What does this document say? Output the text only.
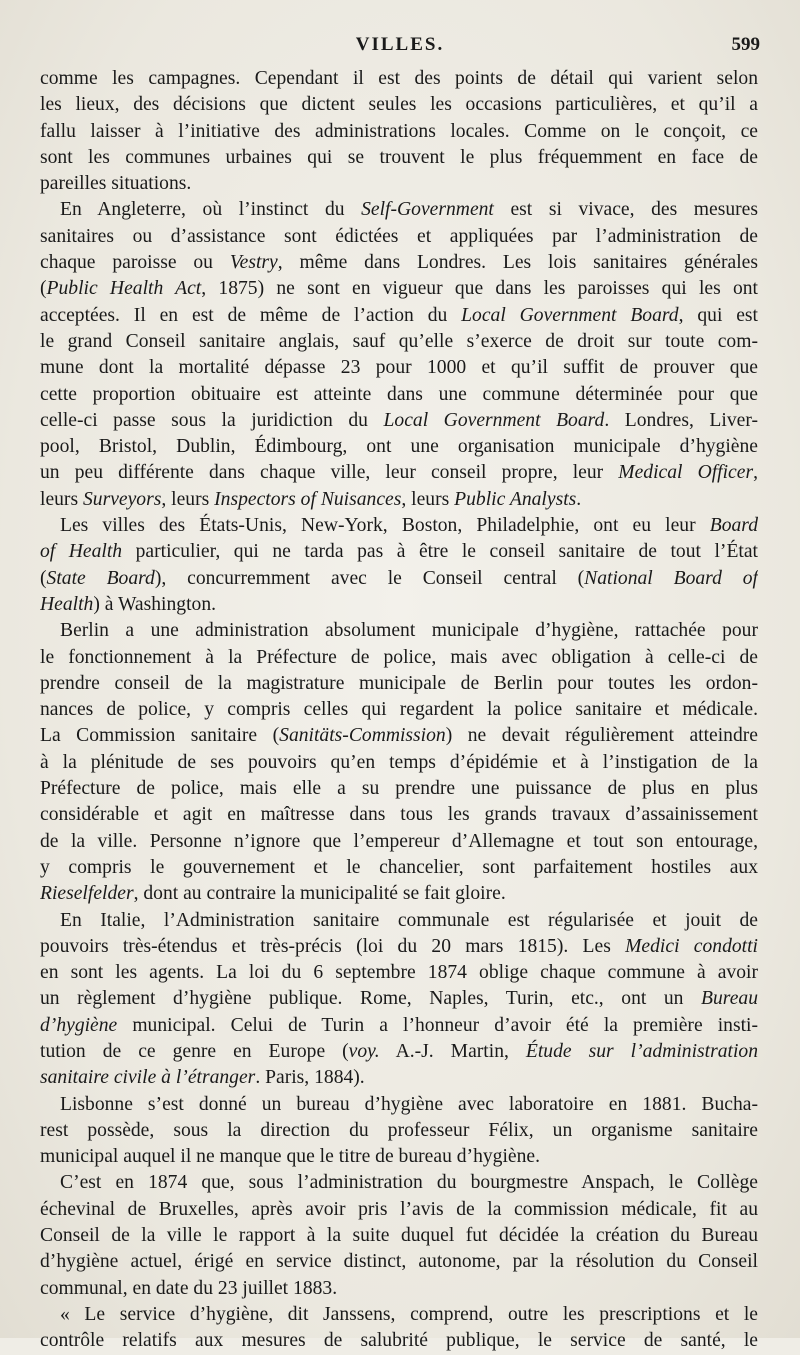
VILLES.	599
comme les campagnes. Cependant il est des points de détail qui varient selon
les lieux, des décisions que dictent seules les occasions particulières, et qu’il a
fallu laisser à l’initiative des administrations locales. Comme on le conçoit, ce
sont les communes urbaines qui se trouvent le plus fréquemment en face de
pareilles situations.
En Angleterre, où l’instinct du Self-Government est si vivace, des mesures
sanitaires ou d’assistance sont édictées et appliquées par l’administration de
chaque paroisse ou Vestry, même dans Londres. Les lois sanitaires générales
(Public Health Act, 1875) ne sont en vigueur que dans les paroisses qui les ont
acceptées. Il en est de même de l’action du Local Government Board, qui est
le grand Conseil sanitaire anglais, sauf qu’elle s’exerce de droit sur toute com-
mune dont la mortalité dépasse 23 pour 1000 et qu’il suffit de prouver que
cette proportion obituaire est atteinte dans une commune déterminée pour que
celle-ci passe sous la juridiction du Local Government Board. Londres, Liver-
pool, Bristol, Dublin, Édimbourg, ont une organisation municipale d’hygiène
un peu différente dans chaque ville, leur conseil propre, leur Medical Officer,
leurs Surveyors, leurs Inspectors of Nuisances, leurs Public Analysts.
Les villes des États-Unis, New-York, Boston, Philadelphie, ont eu leur Board
of Health particulier, qui ne tarda pas à être le conseil sanitaire de tout l’État
(State Board), concurremment avec le Conseil central (National Board of
Health) à Washington.
Berlin a une administration absolument municipale d’hygiène, rattachée pour
le fonctionnement à la Préfecture de police, mais avec obligation à celle-ci de
prendre conseil de la magistrature municipale de Berlin pour toutes les ordon-
nances de police, y compris celles qui regardent la police sanitaire et médicale.
La Commission sanitaire (Sanitäts-Commission) ne devait régulièrement atteindre
à la plénitude de ses pouvoirs qu’en temps d’épidémie et à l’instigation de la
Préfecture de police, mais elle a su prendre une puissance de plus en plus
considérable et agit en maîtresse dans tous les grands travaux d’assainissement
de la ville. Personne n’ignore que l’empereur d’Allemagne et tout son entourage,
y compris le gouvernement et le chancelier, sont parfaitement hostiles aux
Rieselfelder, dont au contraire la municipalité se fait gloire.
En Italie, l’Administration sanitaire communale est régularisée et jouit de
pouvoirs très-étendus et très-précis (loi du 20 mars 1815). Les Medici condotti
en sont les agents. La loi du 6 septembre 1874 oblige chaque commune à avoir
un règlement d’hygiène publique. Rome, Naples, Turin, etc., ont un Bureau
d’hygiène municipal. Celui de Turin a l’honneur d’avoir été la première insti-
tution de ce genre en Europe (voy. A.-J. Martin, Étude sur l’administration
sanitaire civile à l’étranger. Paris, 1884).
Lisbonne s’est donné un bureau d’hygiène avec laboratoire en 1881. Bucha-
rest possède, sous la direction du professeur Félix, un organisme sanitaire
municipal auquel il ne manque que le titre de bureau d’hygiène.
C’est en 1874 que, sous l’administration du bourgmestre Anspach, le Collège
échevinal de Bruxelles, après avoir pris l’avis de la commission médicale, fit au
Conseil de la ville le rapport à la suite duquel fut décidée la création du Bureau
d’hygiène actuel, érigé en service distinct, autonome, par la résolution du Conseil
communal, en date du 23 juillet 1883.
« Le service d’hygiène, dit Janssens, comprend, outre les prescriptions et le
contrôle relatifs aux mesures de salubrité publique, le service de santé, le
